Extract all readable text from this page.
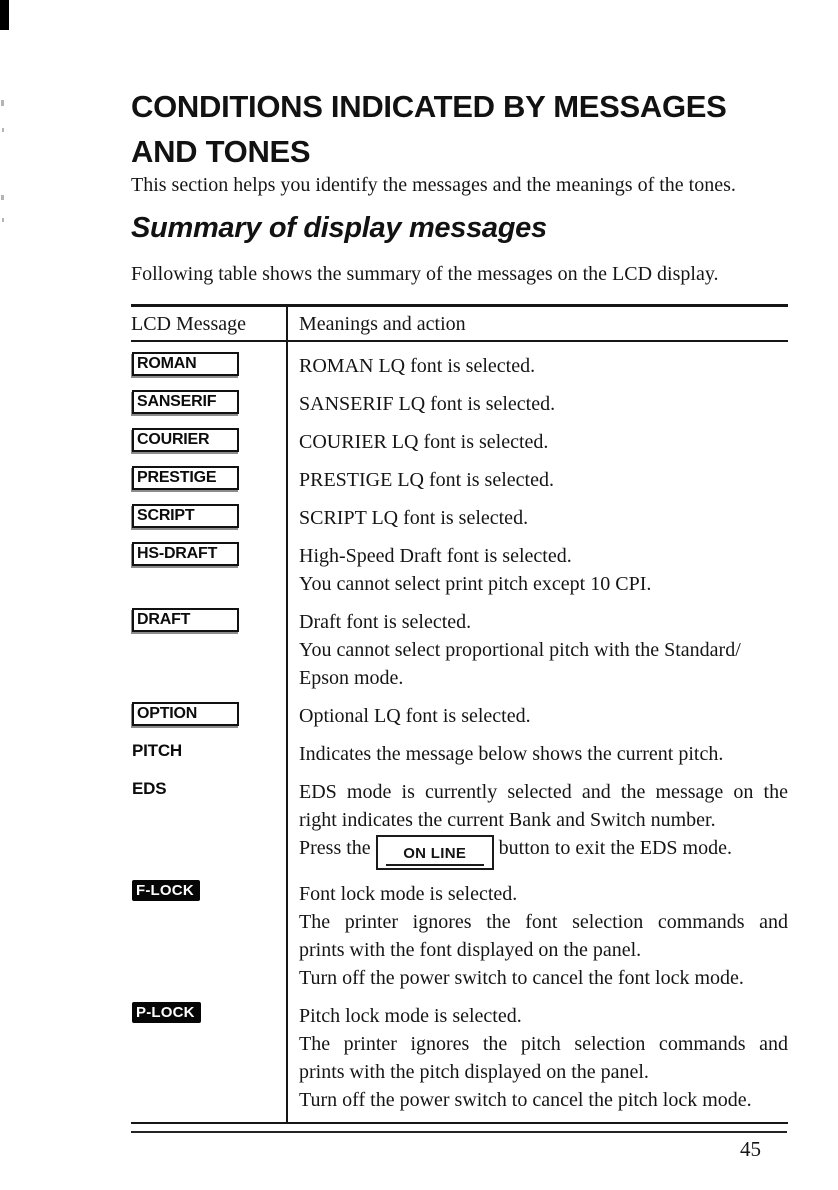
CONDITIONS INDICATED BY MESSAGES AND TONES
This section helps you identify the messages and the meanings of the tones.
Summary of display messages
Following table shows the summary of the messages on the LCD display.
LCD Message	Meanings and action
ROMAN	ROMAN LQ font is selected.
SANSERIF	SANSERIF LQ font is selected.
COURIER	COURIER LQ font is selected.
PRESTIGE	PRESTIGE LQ font is selected.
SCRIPT	SCRIPT LQ font is selected.
HS-DRAFT	High-Speed Draft font is selected.
You cannot select print pitch except 10 CPI.
DRAFT	Draft font is selected.
You cannot select proportional pitch with the Standard/
Epson mode.
OPTION	Optional LQ font is selected.
PITCH	Indicates the message below shows the current pitch.
EDS	EDS mode is currently selected and the message on the
right indicates the current Bank and Switch number.
Press the ON LINE button to exit the EDS mode.
F-LOCK	Font lock mode is selected.
The printer ignores the font selection commands and
prints with the font displayed on the panel.
Turn off the power switch to cancel the font lock mode.
P-LOCK	Pitch lock mode is selected.
The printer ignores the pitch selection commands and
prints with the pitch displayed on the panel.
Turn off the power switch to cancel the pitch lock mode.
45
